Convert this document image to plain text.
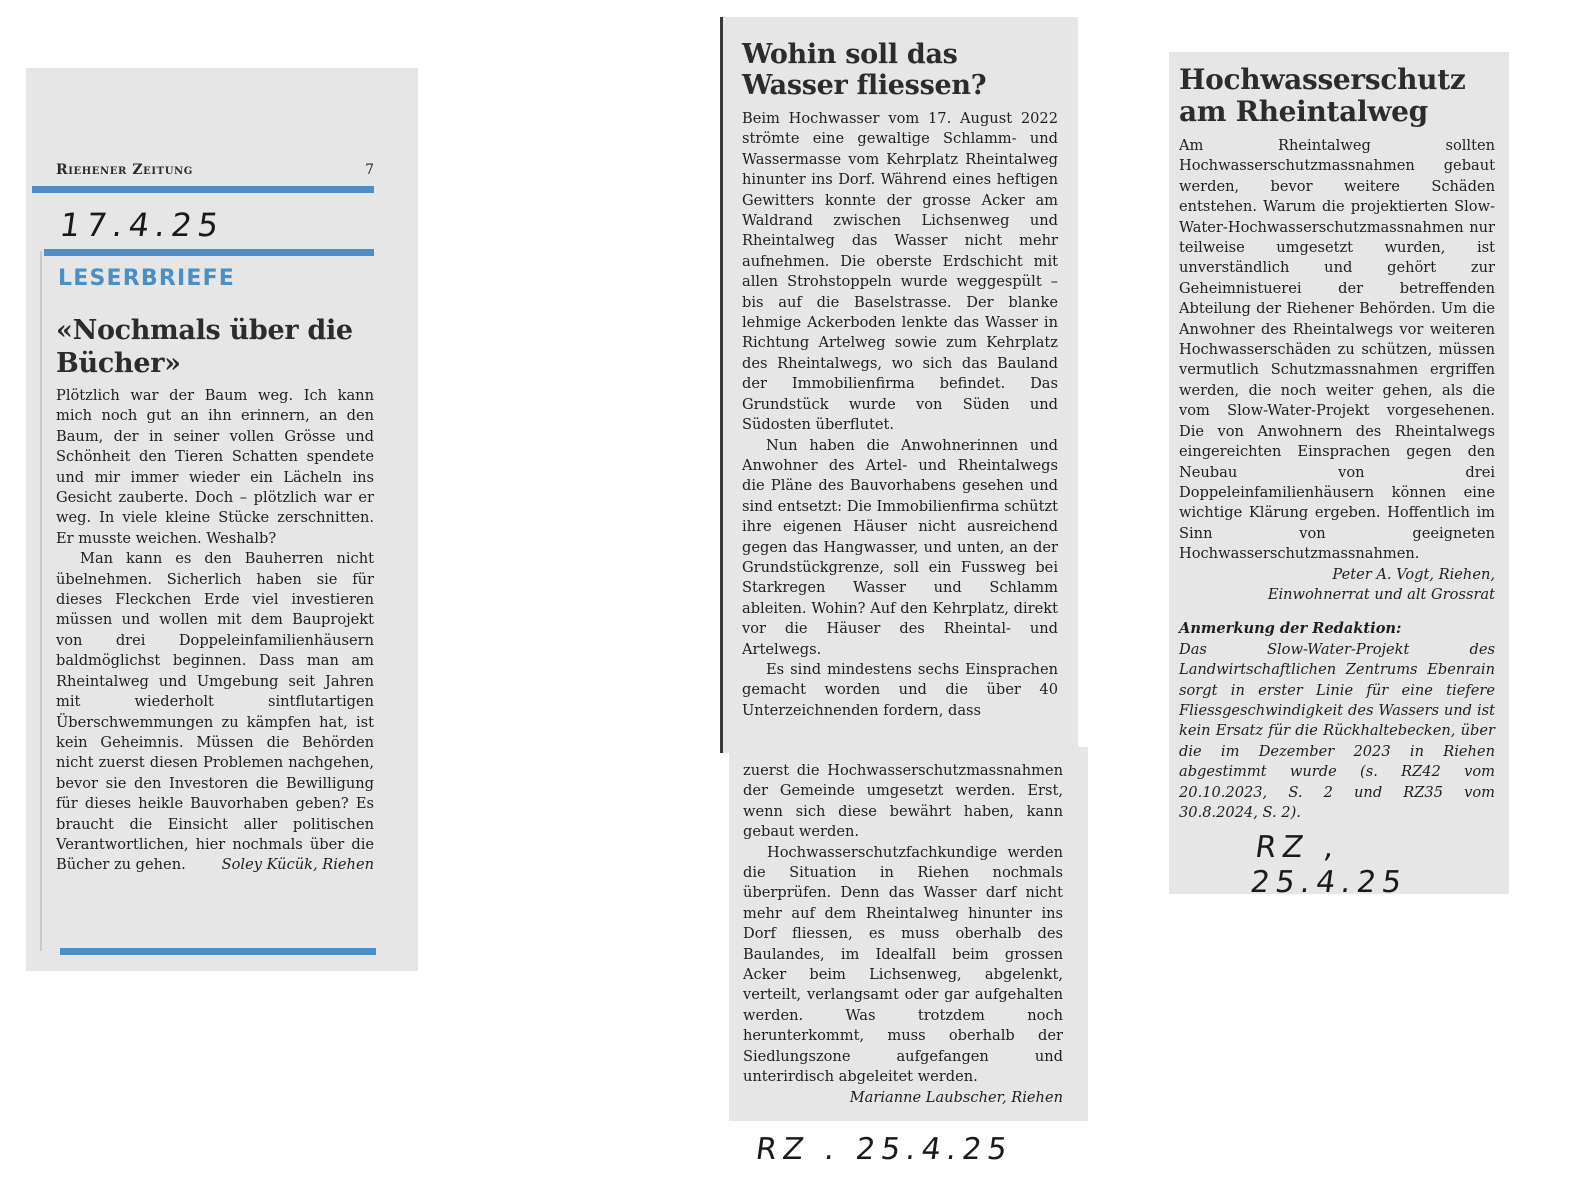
Riehener Zeitung	7
17.4.25
LESERBRIEFE
«Nochmals über die Bücher»

Plötzlich war der Baum weg. Ich kann mich noch gut an ihn erinnern, an den Baum, der in seiner vollen Grösse und Schönheit den Tieren Schatten spendete und mir immer wieder ein Lächeln ins Gesicht zauberte. Doch – plötzlich war er weg. In viele kleine Stücke zerschnitten. Er musste weichen. Weshalb?

Man kann es den Bauherren nicht übelnehmen. Sicherlich haben sie für dieses Fleckchen Erde viel investieren müssen und wollen mit dem Bauprojekt von drei Doppeleinfamilienhäusern baldmöglichst beginnen. Dass man am Rheintalweg und Umgebung seit Jahren mit wiederholt sintflutartigen Überschwemmungen zu kämpfen hat, ist kein Geheimnis. Müssen die Behörden nicht zuerst diesen Problemen nachgehen, bevor sie den Investoren die Bewilligung für dieses heikle Bauvorhaben geben? Es braucht die Einsicht aller politischen Verantwortlichen, hier nochmals über die Bücher zu gehen.	Soley Kücük, Riehen

Wohin soll das Wasser fliessen?

Beim Hochwasser vom 17. August 2022 strömte eine gewaltige Schlamm- und Wassermasse vom Kehrplatz Rheintalweg hinunter ins Dorf. Während eines heftigen Gewitters konnte der grosse Acker am Waldrand zwischen Lichsenweg und Rheintalweg das Wasser nicht mehr aufnehmen. Die oberste Erdschicht mit allen Strohstoppeln wurde weggespült – bis auf die Baselstrasse. Der blanke lehmige Ackerboden lenkte das Wasser in Richtung Artelweg sowie zum Kehrplatz des Rheintalwegs, wo sich das Bauland der Immobilienfirma befindet. Das Grundstück wurde von Süden und Südosten überflutet.

Nun haben die Anwohnerinnen und Anwohner des Artel- und Rheintalwegs die Pläne des Bauvorhabens gesehen und sind entsetzt: Die Immobilienfirma schützt ihre eigenen Häuser nicht ausreichend gegen das Hangwasser, und unten, an der Grundstückgrenze, soll ein Fussweg bei Starkregen Wasser und Schlamm ableiten. Wohin? Auf den Kehrplatz, direkt vor die Häuser des Rheintal- und Artelwegs.

Es sind mindestens sechs Einsprachen gemacht worden und die über 40 Unterzeichnenden fordern, dass

zuerst die Hochwasserschutzmassnahmen der Gemeinde umgesetzt werden. Erst, wenn sich diese bewährt haben, kann gebaut werden.

Hochwasserschutzfachkundige werden die Situation in Riehen nochmals überprüfen. Denn das Wasser darf nicht mehr auf dem Rheintalweg hinunter ins Dorf fliessen, es muss oberhalb des Baulandes, im Idealfall beim grossen Acker beim Lichsenweg, abgelenkt, verteilt, verlangsamt oder gar aufgehalten werden. Was trotzdem noch herunterkommt, muss oberhalb der Siedlungszone aufgefangen und unterirdisch abgeleitet werden.

Marianne Laubscher, Riehen
RZ . 25.4.25
Hochwasserschutz am Rheintalweg

Am Rheintalweg sollten Hochwasserschutzmassnahmen gebaut werden, bevor weitere Schäden entstehen. Warum die projektierten Slow-Water-Hochwasserschutzmassnahmen nur teilweise umgesetzt wurden, ist unverständlich und gehört zur Geheimnistuerei der betreffenden Abteilung der Riehener Behörden. Um die Anwohner des Rheintalwegs vor weiteren Hochwasserschäden zu schützen, müssen vermutlich Schutzmassnahmen ergriffen werden, die noch weiter gehen, als die vom Slow-Water-Projekt vorgesehenen. Die von Anwohnern des Rheintalwegs eingereichten Einsprachen gegen den Neubau von drei Doppeleinfamilienhäusern können eine wichtige Klärung ergeben. Hoffentlich im Sinn von geeigneten Hochwasserschutzmassnahmen.

Peter A. Vogt, Riehen,
Einwohnerrat und alt Grossrat
Anmerkung der Redaktion:

Das Slow-Water-Projekt des Landwirtschaftlichen Zentrums Ebenrain sorgt in erster Linie für eine tiefere Fliessgeschwindigkeit des Wassers und ist kein Ersatz für die Rückhaltebecken, über die im Dezember 2023 in Riehen abgestimmt wurde (s. RZ42 vom 20.10.2023, S. 2 und RZ35 vom 30.8.2024, S. 2).

RZ , 25.4.25
